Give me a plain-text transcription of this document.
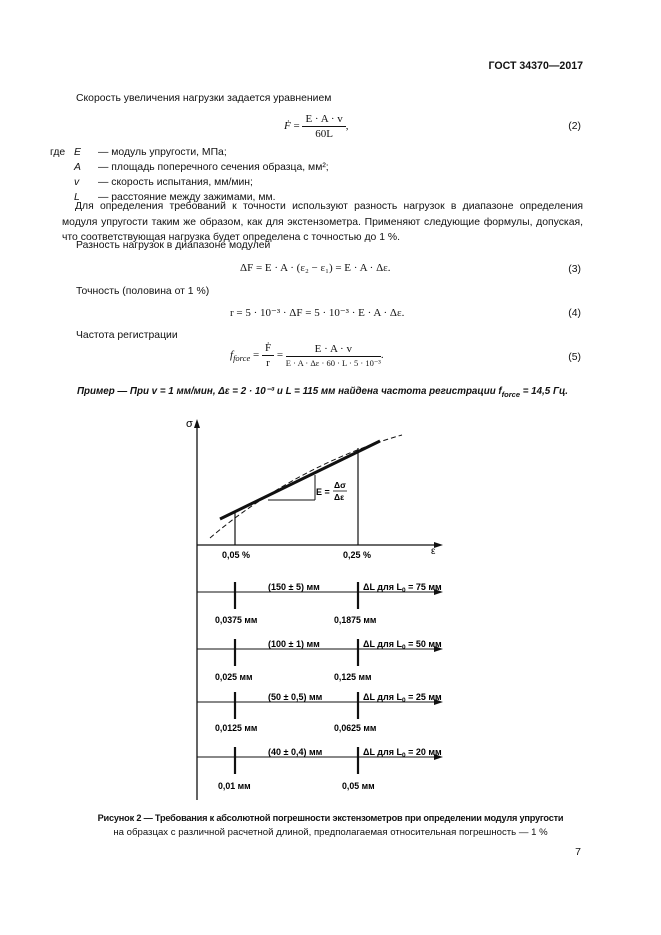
ГОСТ 34370—2017
Скорость увеличения нагрузки задается уравнением
Ḟ = $\frac{E \cdot A \cdot v}{60L}$ ,	(2)
где E — модуль упругости, МПа;
A — площадь поперечного сечения образца, мм²;
v — скорость испытания, мм/мин;
L — расстояние между зажимами, мм.
Для определения требований к точности используют разность нагрузок в диапазоне определения модуля упругости таким же образом, как для экстензометра. Применяют следующие формулы, допуская, что соответствующая нагрузка будет определена с точностью до 1 %.
Разность нагрузок в диапазоне модулей
ΔF = E · A · (ε₂ − ε₁) = E · A · Δε.	(3)
Точность (половина от 1 %)
r = 5 · 10⁻³ · ΔF = 5 · 10⁻³ · E · A · Δε.	(4)
Частота регистрации
$f_{force} = \frac{\text{Ḟ}}{r} = \frac{E \cdot A \cdot v}{\text{E · A · Δε · 60 · L · 5 · 10⁻³}}$ .	(5)
Пример — При v = 1 мм/мин, Δε = 2 · 10⁻³ и L = 115 мм найдена частота регистрации $f_{force} = 14,5$ Гц.
σ
ε
E =
Δσ
Δε
0,05 %	0,25 %
(150 ± 5) мм	ΔL для $L_0 = 75$ мм
0,0375 мм	0,1875 мм
(100 ± 1) мм	ΔL для $L_0 = 50$ мм
0,025 мм	0,125 мм
(50 ± 0,5) мм	ΔL для $L_0 = 25$ мм
0,0125 мм	0,0625 мм
(40 ± 0,4) мм	ΔL для $L_0 = 20$ мм
0,01 мм	0,05 мм
Рисунок 2 — Требования к абсолютной погрешности экстензометров при определении модуля упругости
на образцах с различной расчетной длиной, предполагаемая относительная погрешность — 1 %
7
